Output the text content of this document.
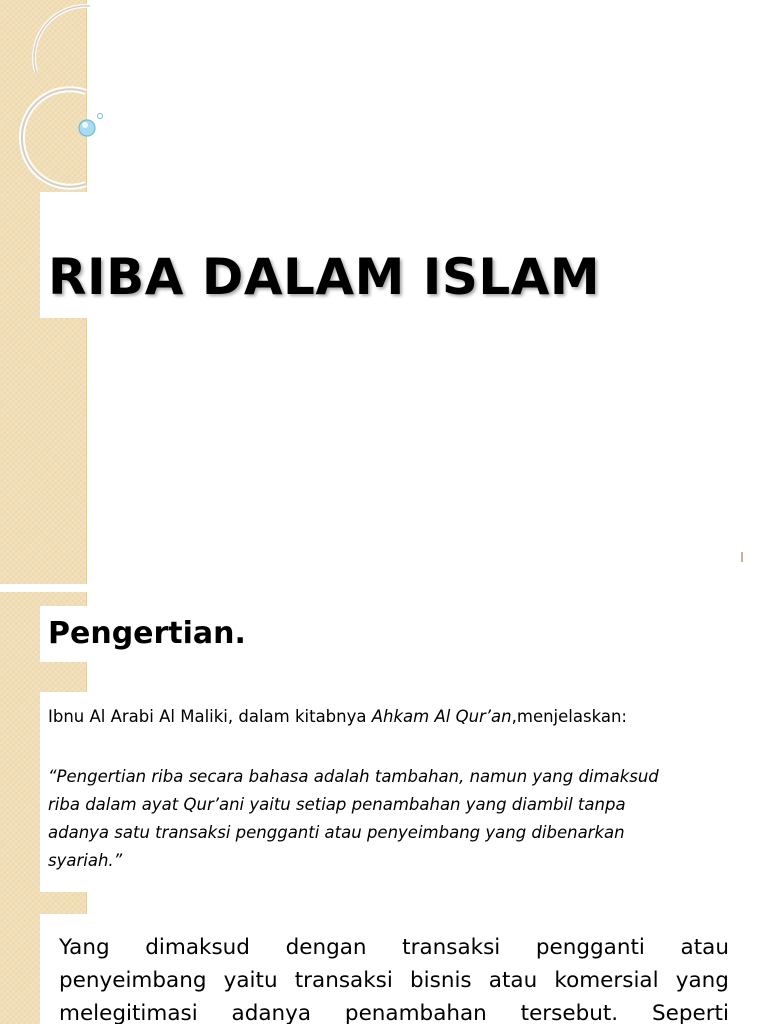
RIBA DALAM ISLAM
Pengertian.

Ibnu Al Arabi Al Maliki, dalam kitabnya Ahkam Al Qur’an,menjelaskan:

“Pengertian riba secara bahasa adalah tambahan, namun yang dimaksud
riba dalam ayat Qur’ani yaitu setiap penambahan yang diambil tanpa
adanya satu transaksi pengganti atau penyeimbang yang dibenarkan
syariah.”

Yang dimaksud dengan transaksi pengganti atau
penyeimbang yaitu transaksi bisnis atau komersial yang
melegitimasi adanya penambahan tersebut. Seperti
